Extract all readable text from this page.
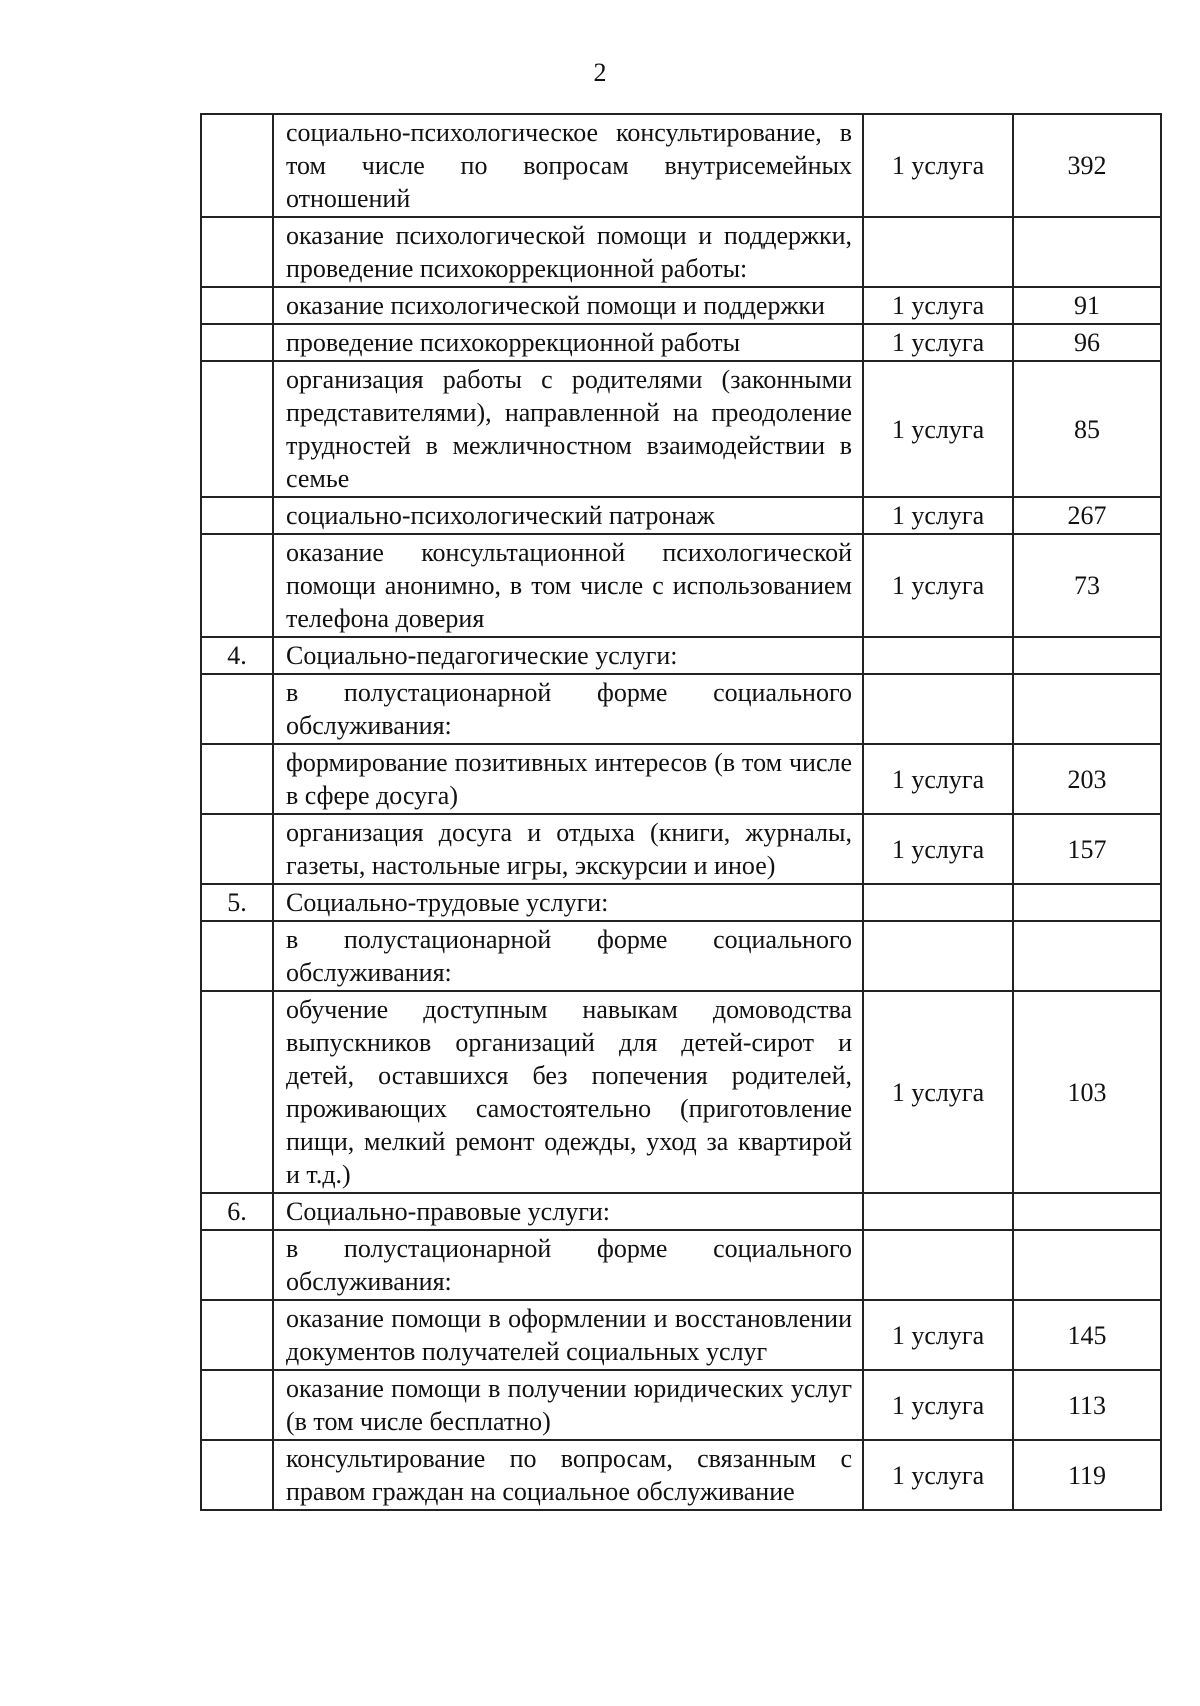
2
	социально-психологическое консультирование, в том числе по вопросам внутрисемейных отношений	1 услуга	392
	оказание психологической помощи и поддержки, проведение психокоррекционной работы:		
	оказание психологической помощи и поддержки	1 услуга	91
	проведение психокоррекционной работы	1 услуга	96
	организация работы с родителями (законными представителями), направленной на преодоление трудностей в межличностном взаимодействии в семье	1 услуга	85
	социально-психологический патронаж	1 услуга	267
	оказание консультационной психологической помощи анонимно, в том числе с использованием телефона доверия	1 услуга	73
4.	Социально-педагогические услуги:		
	в полустационарной форме социального обслуживания:		
	формирование позитивных интересов (в том числе в сфере досуга)	1 услуга	203
	организация досуга и отдыха (книги, журналы, газеты, настольные игры, экскурсии и иное)	1 услуга	157
5.	Социально-трудовые услуги:		
	в полустационарной форме социального обслуживания:		
	обучение доступным навыкам домоводства выпускников организаций для детей-сирот и детей, оставшихся без попечения родителей, проживающих самостоятельно (приготовление пищи, мелкий ремонт одежды, уход за квартирой и т.д.)	1 услуга	103
6.	Социально-правовые услуги:		
	в полустационарной форме социального обслуживания:		
	оказание помощи в оформлении и восстановлении документов получателей социальных услуг	1 услуга	145
	оказание помощи в получении юридических услуг (в том числе бесплатно)	1 услуга	113
	консультирование по вопросам, связанным с правом граждан на социальное обслуживание	1 услуга	119
